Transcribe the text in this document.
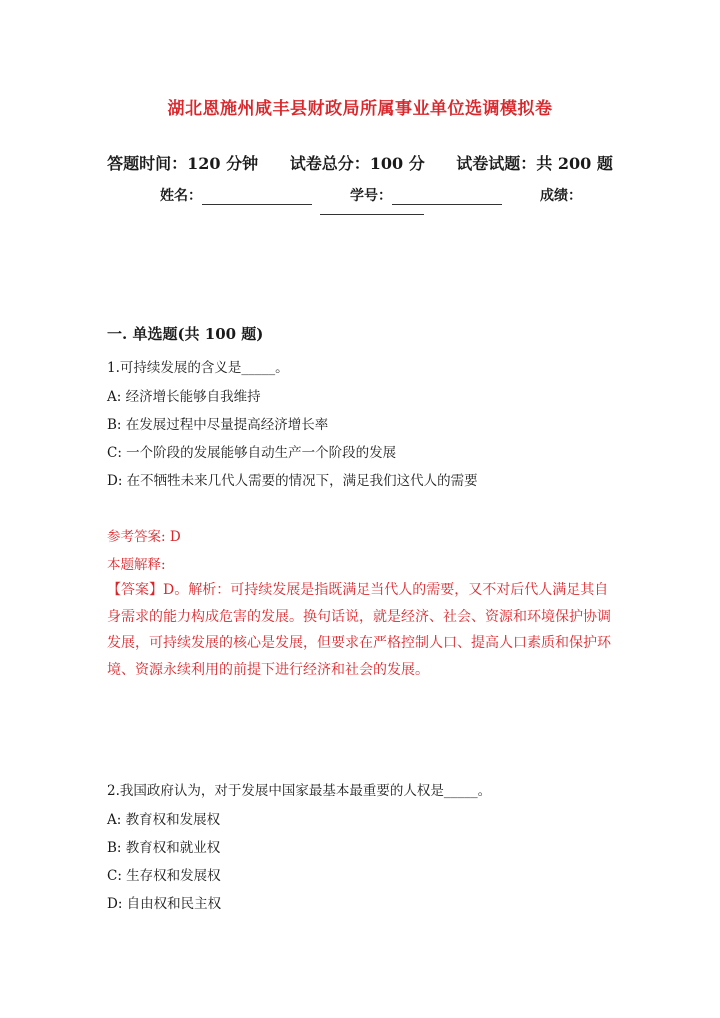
湖北恩施州咸丰县财政局所属事业单位选调模拟卷
答题时间：120 分钟 试卷总分：100 分 试卷试题：共 200 题
姓名：	学号：	成绩：
一. 单选题(共 100 题)
1.可持续发展的含义是_____。
A: 经济增长能够自我维持
B: 在发展过程中尽量提高经济增长率
C: 一个阶段的发展能够自动生产一个阶段的发展
D: 在不牺牲未来几代人需要的情况下，满足我们这代人的需要
参考答案: D
本题解释:
【答案】D。解析：可持续发展是指既满足当代人的需要，又不对后代人满足其自身需求的能力构成危害的发展。换句话说，就是经济、社会、资源和环境保护协调发展，可持续发展的核心是发展，但要求在严格控制人口、提高人口素质和保护环境、资源永续利用的前提下进行经济和社会的发展。
2.我国政府认为，对于发展中国家最基本最重要的人权是_____。
A: 教育权和发展权
B: 教育权和就业权
C: 生存权和发展权
D: 自由权和民主权
